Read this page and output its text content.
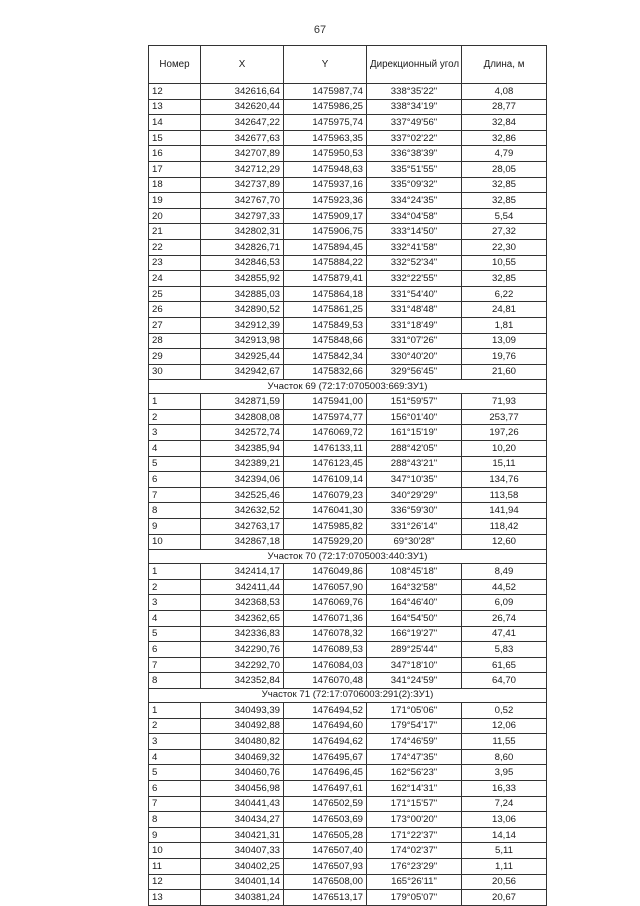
67
Номер	X	Y	Дирекционный угол	Длина, м
12	342616,64	1475987,74	338°35'22"	4,08
13	342620,44	1475986,25	338°34'19"	28,77
14	342647,22	1475975,74	337°49'56"	32,84
15	342677,63	1475963,35	337°02'22"	32,86
16	342707,89	1475950,53	336°38'39"	4,79
17	342712,29	1475948,63	335°51'55"	28,05
18	342737,89	1475937,16	335°09'32"	32,85
19	342767,70	1475923,36	334°24'35"	32,85
20	342797,33	1475909,17	334°04'58"	5,54
21	342802,31	1475906,75	333°14'50"	27,32
22	342826,71	1475894,45	332°41'58"	22,30
23	342846,53	1475884,22	332°52'34"	10,55
24	342855,92	1475879,41	332°22'55"	32,85
25	342885,03	1475864,18	331°54'40"	6,22
26	342890,52	1475861,25	331°48'48"	24,81
27	342912,39	1475849,53	331°18'49"	1,81
28	342913,98	1475848,66	331°07'26"	13,09
29	342925,44	1475842,34	330°40'20"	19,76
30	342942,67	1475832,66	329°56'45"	21,60
Участок 69 (72:17:0705003:669:ЗУ1)				
1	342871,59	1475941,00	151°59'57"	71,93
2	342808,08	1475974,77	156°01'40"	253,77
3	342572,74	1476069,72	161°15'19"	197,26
4	342385,94	1476133,11	288°42'05"	10,20
5	342389,21	1476123,45	288°43'21"	15,11
6	342394,06	1476109,14	347°10'35"	134,76
7	342525,46	1476079,23	340°29'29"	113,58
8	342632,52	1476041,30	336°59'30"	141,94
9	342763,17	1475985,82	331°26'14"	118,42
10	342867,18	1475929,20	69°30'28"	12,60
Участок 70 (72:17:0705003:440:ЗУ1)				
1	342414,17	1476049,86	108°45'18"	8,49
2	342411,44	1476057,90	164°32'58"	44,52
3	342368,53	1476069,76	164°46'40"	6,09
4	342362,65	1476071,36	164°54'50"	26,74
5	342336,83	1476078,32	166°19'27"	47,41
6	342290,76	1476089,53	289°25'44"	5,83
7	342292,70	1476084,03	347°18'10"	61,65
8	342352,84	1476070,48	341°24'59"	64,70
Участок 71 (72:17:0706003:291(2):ЗУ1)				
1	340493,39	1476494,52	171°05'06"	0,52
2	340492,88	1476494,60	179°54'17"	12,06
3	340480,82	1476494,62	174°46'59"	11,55
4	340469,32	1476495,67	174°47'35"	8,60
5	340460,76	1476496,45	162°56'23"	3,95
6	340456,98	1476497,61	162°14'31"	16,33
7	340441,43	1476502,59	171°15'57"	7,24
8	340434,27	1476503,69	173°00'20"	13,06
9	340421,31	1476505,28	171°22'37"	14,14
10	340407,33	1476507,40	174°02'37"	5,11
11	340402,25	1476507,93	176°23'29"	1,11
12	340401,14	1476508,00	165°26'11"	20,56
13	340381,24	1476513,17	179°05'07"	20,67
